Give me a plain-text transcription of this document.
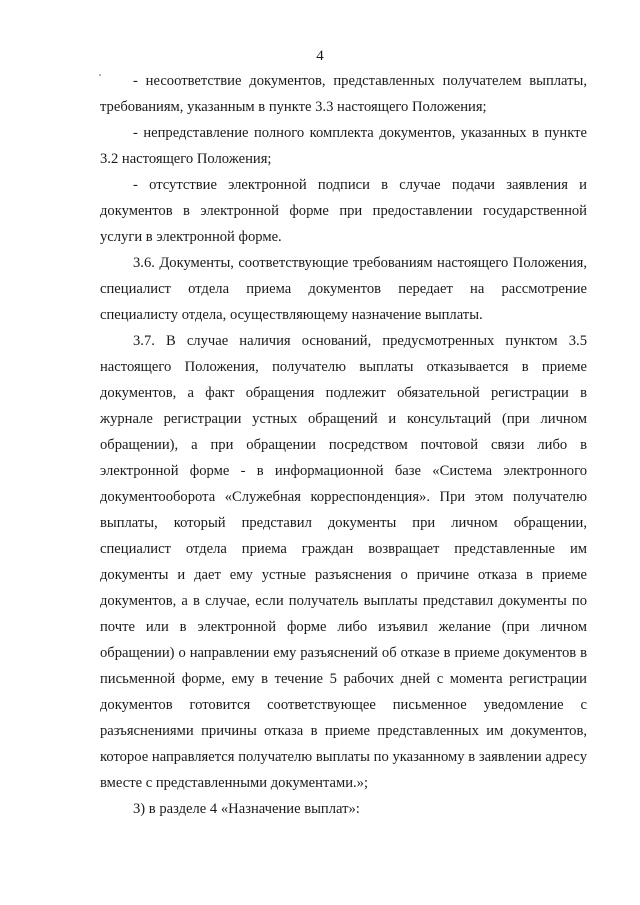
4

- несоответствие документов, представленных получателем выплаты, требованиям, указанным в пункте 3.3 настоящего Положения;

- непредставление полного комплекта документов, указанных в пункте 3.2 настоящего Положения;

- отсутствие электронной подписи в случае подачи заявления и документов в электронной форме при предоставлении государственной услуги в электронной форме.

3.6. Документы, соответствующие требованиям настоящего Положения, специалист отдела приема документов передает на рассмотрение специалисту отдела, осуществляющему назначение выплаты.

3.7. В случае наличия оснований, предусмотренных пунктом 3.5 настоящего Положения, получателю выплаты отказывается в приеме документов, а факт обращения подлежит обязательной регистрации в журнале регистрации устных обращений и консультаций (при личном обращении), а при обращении посредством почтовой связи либо в электронной форме - в информационной базе «Система электронного документооборота «Служебная корреспонденция». При этом получателю выплаты, который представил документы при личном обращении, специалист отдела приема граждан возвращает представленные им документы и дает ему устные разъяснения о причине отказа в приеме документов, а в случае, если получатель выплаты представил документы по почте или в электронной форме либо изъявил желание (при личном обращении) о направлении ему разъяснений об отказе в приеме документов в письменной форме, ему в течение 5 рабочих дней с момента регистрации документов готовится соответствующее письменное уведомление с разъяснениями причины отказа в приеме представленных им документов, которое направляется получателю выплаты по указанному в заявлении адресу вместе с представленными документами.»;

3) в разделе 4 «Назначение выплат»:
